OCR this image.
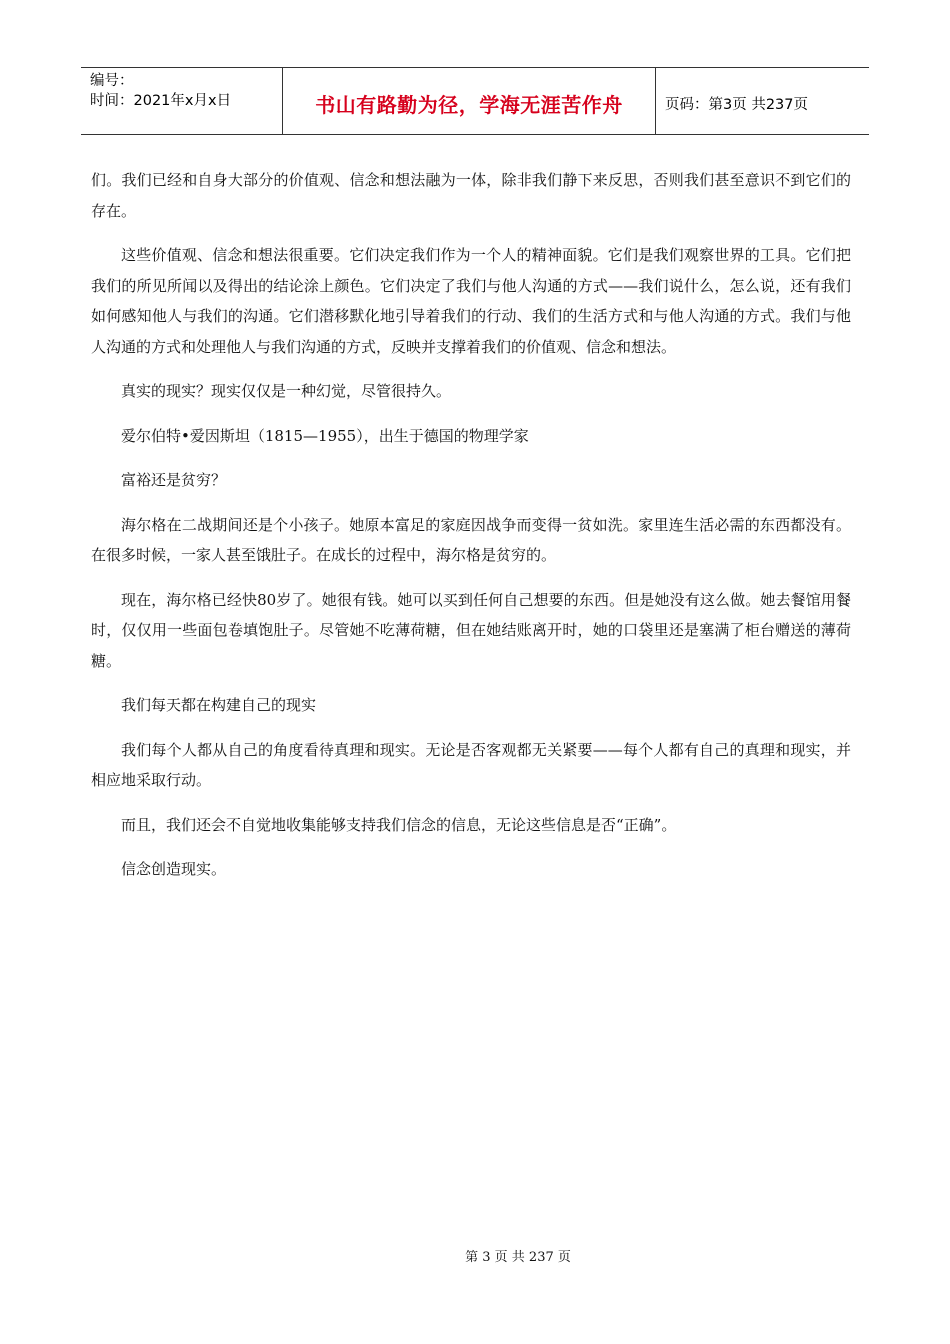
编号：
时间：2021年x月x日	书山有路勤为径，学海无涯苦作舟	页码：第3页 共237页

们。我们已经和自身大部分的价值观、信念和想法融为一体，除非我们静下来反思，否则我们甚至意识不到它们的存在。

这些价值观、信念和想法很重要。它们决定我们作为一个人的精神面貌。它们是我们观察世界的工具。它们把我们的所见所闻以及得出的结论涂上颜色。它们决定了我们与他人沟通的方式——我们说什么，怎么说，还有我们如何感知他人与我们的沟通。它们潜移默化地引导着我们的行动、我们的生活方式和与他人沟通的方式。我们与他人沟通的方式和处理他人与我们沟通的方式，反映并支撑着我们的价值观、信念和想法。

真实的现实？现实仅仅是一种幻觉，尽管很持久。

爱尔伯特•爱因斯坦（1815—1955），出生于德国的物理学家

富裕还是贫穷？

海尔格在二战期间还是个小孩子。她原本富足的家庭因战争而变得一贫如洗。家里连生活必需的东西都没有。在很多时候，一家人甚至饿肚子。在成长的过程中，海尔格是贫穷的。

现在，海尔格已经快80岁了。她很有钱。她可以买到任何自己想要的东西。但是她没有这么做。她去餐馆用餐时，仅仅用一些面包卷填饱肚子。尽管她不吃薄荷糖，但在她结账离开时，她的口袋里还是塞满了柜台赠送的薄荷糖。

我们每天都在构建自己的现实

我们每个人都从自己的角度看待真理和现实。无论是否客观都无关紧要——每个人都有自己的真理和现实，并相应地采取行动。

而且，我们还会不自觉地收集能够支持我们信念的信息，无论这些信息是否“正确”。

信念创造现实。

第 3 页 共 237 页
